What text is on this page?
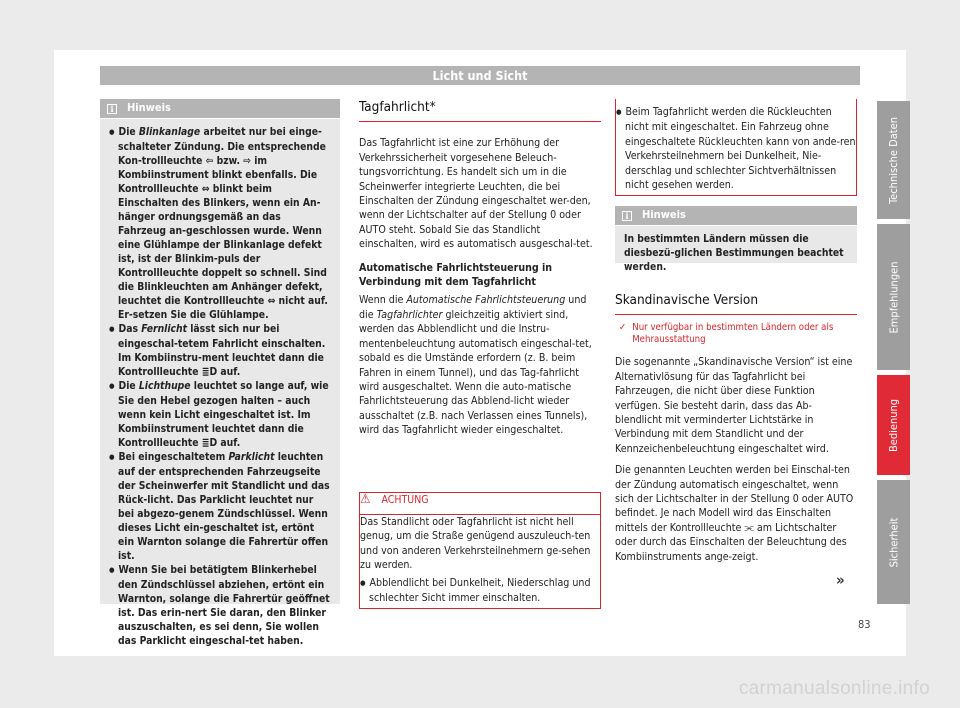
Licht und Sicht
i	Hinweis
● Die Blinkanlage arbeitet nur bei einge-schalteter Zündung. Die entsprechende Kon-trollleuchte ⇦ bzw. ⇨ im Kombiinstrument blinkt ebenfalls. Die Kontrollleuchte ⇔ blinkt beim Einschalten des Blinkers, wenn ein An-hänger ordnungsgemäß an das Fahrzeug an-geschlossen wurde. Wenn eine Glühlampe der Blinkanlage defekt ist, ist der Blinkim-puls der Kontrollleuchte doppelt so schnell. Sind die Blinkleuchten am Anhänger defekt, leuchtet die Kontrollleuchte ⇔ nicht auf. Er-setzen Sie die Glühlampe.
● Das Fernlicht lässt sich nur bei eingeschal-tetem Fahrlicht einschalten. Im Kombiinstru-ment leuchtet dann die Kontrollleuchte ≣D auf.
● Die Lichthupe leuchtet so lange auf, wie Sie den Hebel gezogen halten – auch wenn kein Licht eingeschaltet ist. Im Kombiinstrument leuchtet dann die Kontrollleuchte ≣D auf.
● Bei eingeschaltetem Parklicht leuchten auf der entsprechenden Fahrzeugseite der Scheinwerfer mit Standlicht und das Rück-licht. Das Parklicht leuchtet nur bei abgezo-genem Zündschlüssel. Wenn dieses Licht ein-geschaltet ist, ertönt ein Warnton solange die Fahrertür offen ist.
● Wenn Sie bei betätigtem Blinkerhebel den Zündschlüssel abziehen, ertönt ein Warnton, solange die Fahrertür geöffnet ist. Das erin-nert Sie daran, den Blinker auszuschalten, es sei denn, Sie wollen das Parklicht eingeschal-tet haben.
Tagfahrlicht*

Das Tagfahrlicht ist eine zur Erhöhung der Verkehrssicherheit vorgesehene Beleuch-tungsvorrichtung. Es handelt sich um in die Scheinwerfer integrierte Leuchten, die bei Einschalten der Zündung eingeschaltet wer-den, wenn der Lichtschalter auf der Stellung 0 oder AUTO steht. Sobald Sie das Standlicht einschalten, wird es automatisch ausgeschal-tet.

Automatische Fahrlichtsteuerung in Verbindung mit dem Tagfahrlicht

Wenn die Automatische Fahrlichtsteuerung und die Tagfahrlichter gleichzeitig aktiviert sind, werden das Abblendlicht und die Instru-mentenbeleuchtung automatisch eingeschal-tet, sobald es die Umstände erfordern (z. B. beim Fahren in einem Tunnel), und das Tag-fahrlicht wird ausgeschaltet. Wenn die auto-matische Fahrlichtsteuerung das Abblend-licht wieder ausschaltet (z.B. nach Verlassen eines Tunnels), wird das Tagfahrlicht wieder eingeschaltet.

⚠ ACHTUNG
Das Standlicht oder Tagfahrlicht ist nicht hell genug, um die Straße genügend auszuleuch-ten und von anderen Verkehrsteilnehmern ge-sehen zu werden.
● Abblendlicht bei Dunkelheit, Niederschlag und schlechter Sicht immer einschalten.
● Beim Tagfahrlicht werden die Rückleuchten nicht mit eingeschaltet. Ein Fahrzeug ohne eingeschaltete Rückleuchten kann von ande-ren Verkehrsteilnehmern bei Dunkelheit, Nie-derschlag und schlechter Sichtverhältnissen nicht gesehen werden.
i	Hinweis
In bestimmten Ländern müssen die diesbezü-glichen Bestimmungen beachtet werden.
Skandinavische Version
✓ Nur verfügbar in bestimmten Ländern oder als Mehrausstattung

Die sogenannte „Skandinavische Version“ ist eine Alternativlösung für das Tagfahrlicht bei Fahrzeugen, die nicht über diese Funktion verfügen. Sie besteht darin, dass das Ab-blendlicht mit verminderter Lichtstärke in Verbindung mit dem Standlicht und der Kennzeichenbeleuchtung eingeschaltet wird.

Die genannten Leuchten werden bei Einschal-ten der Zündung automatisch eingeschaltet, wenn sich der Lichtschalter in der Stellung 0 oder AUTO befindet. Je nach Modell wird das Einschalten mittels der Kontrollleuchte ⫘ am Lichtschalter oder durch das Einschalten der Beleuchtung des Kombiinstruments ange-zeigt.

»
Technische Daten
Empfehlungen
Bedienung
Sicherheit
83
carmanualsonline.info
